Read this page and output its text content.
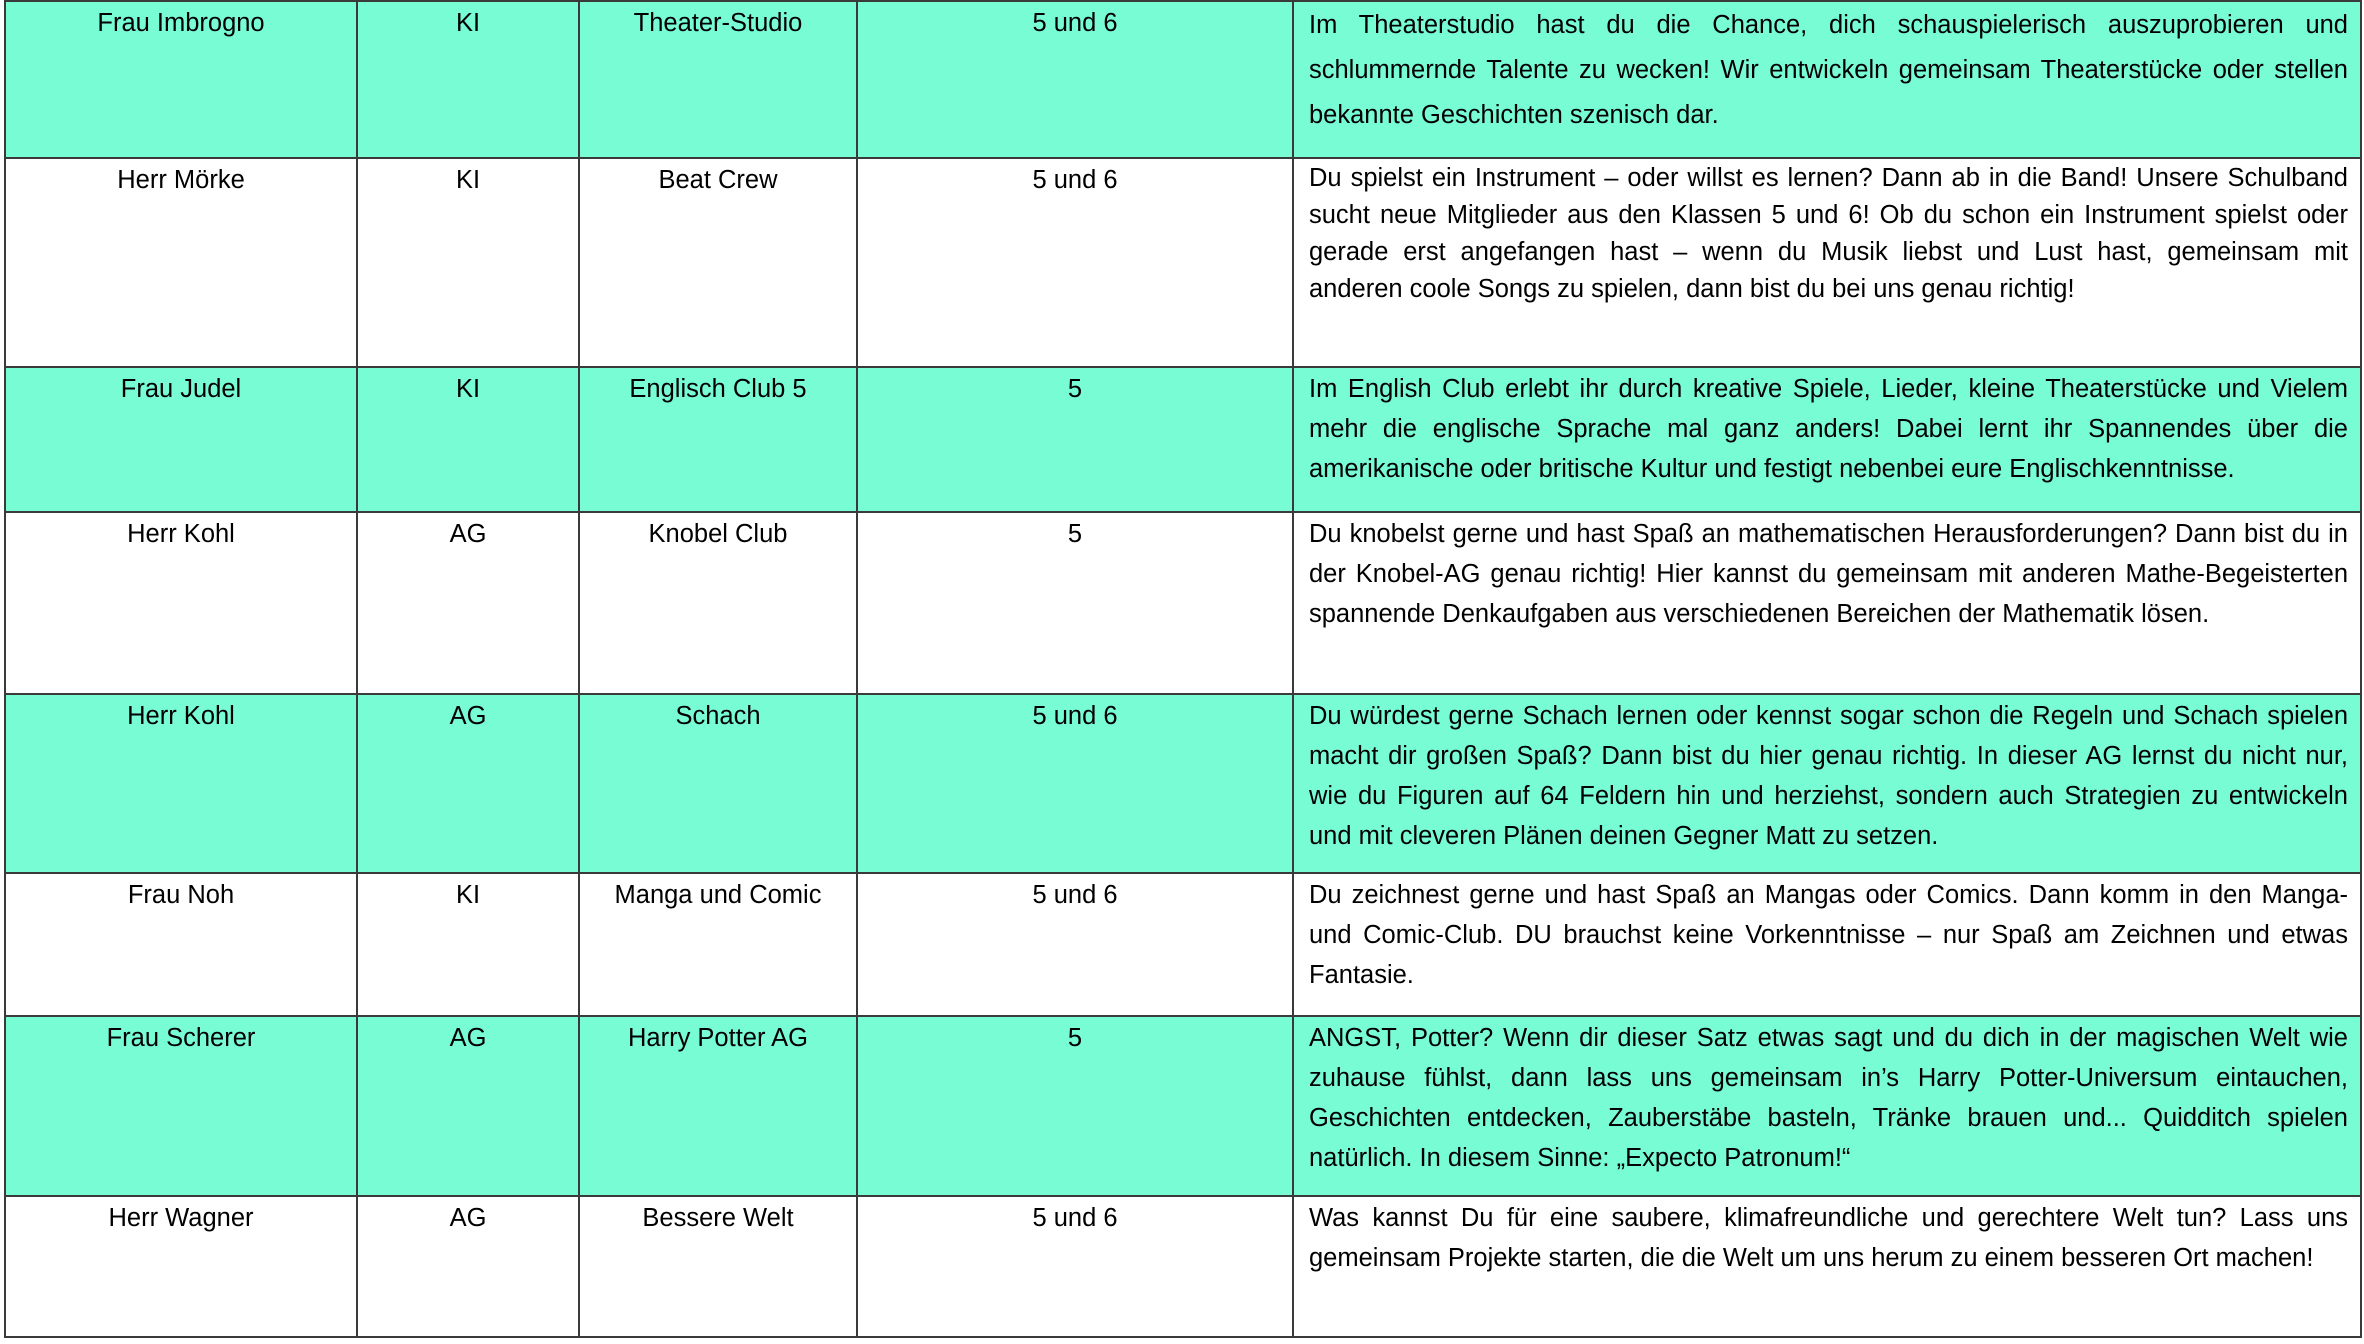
Frau Imbrogno	KI	Theater-Studio	5 und 6	Im Theaterstudio hast du die Chance, dich schauspielerisch auszuprobieren und schlummernde Talente zu wecken! Wir entwickeln gemeinsam Theaterstücke oder stellen bekannte Geschichten szenisch dar.
Herr Mörke	KI	Beat Crew	5 und 6	Du spielst ein Instrument – oder willst es lernen? Dann ab in die Band! Unsere Schulband sucht neue Mitglieder aus den Klassen 5 und 6! Ob du schon ein Instrument spielst oder gerade erst angefangen hast – wenn du Musik liebst und Lust hast, gemeinsam mit anderen coole Songs zu spielen, dann bist du bei uns genau richtig!
Frau Judel	KI	Englisch Club 5	5	Im English Club erlebt ihr durch kreative Spiele, Lieder, kleine Theaterstücke und Vielem mehr die englische Sprache mal ganz anders! Dabei lernt ihr Spannendes über die amerikanische oder britische Kultur und festigt nebenbei eure Englischkenntnisse.
Herr Kohl	AG	Knobel Club	5	Du knobelst gerne und hast Spaß an mathematischen Herausforderungen? Dann bist du in der Knobel-AG genau richtig! Hier kannst du gemeinsam mit anderen Mathe-Begeisterten spannende Denkaufgaben aus verschiedenen Bereichen der Mathematik lösen.
Herr Kohl	AG	Schach	5 und 6	Du würdest gerne Schach lernen oder kennst sogar schon die Regeln und Schach spielen macht dir großen Spaß? Dann bist du hier genau richtig. In dieser AG lernst du nicht nur, wie du Figuren auf 64 Feldern hin und herziehst, sondern auch Strategien zu entwickeln und mit cleveren Plänen deinen Gegner Matt zu setzen.
Frau Noh	KI	Manga und Comic	5 und 6	Du zeichnest gerne und hast Spaß an Mangas oder Comics. Dann komm in den Manga- und Comic-Club. DU brauchst keine Vorkenntnisse – nur Spaß am Zeichnen und etwas Fantasie.
Frau Scherer	AG	Harry Potter AG	5	ANGST, Potter? Wenn dir dieser Satz etwas sagt und du dich in der magischen Welt wie zuhause fühlst, dann lass uns gemeinsam in’s Harry Potter-Universum eintauchen, Geschichten entdecken, Zauberstäbe basteln, Tränke brauen und... Quidditch spielen natürlich. In diesem Sinne: „Expecto Patronum!“
Herr Wagner	AG	Bessere Welt	5 und 6	Was kannst Du für eine saubere, klimafreundliche und gerechtere Welt tun? Lass uns gemeinsam Projekte starten, die die Welt um uns herum zu einem besseren Ort machen!
